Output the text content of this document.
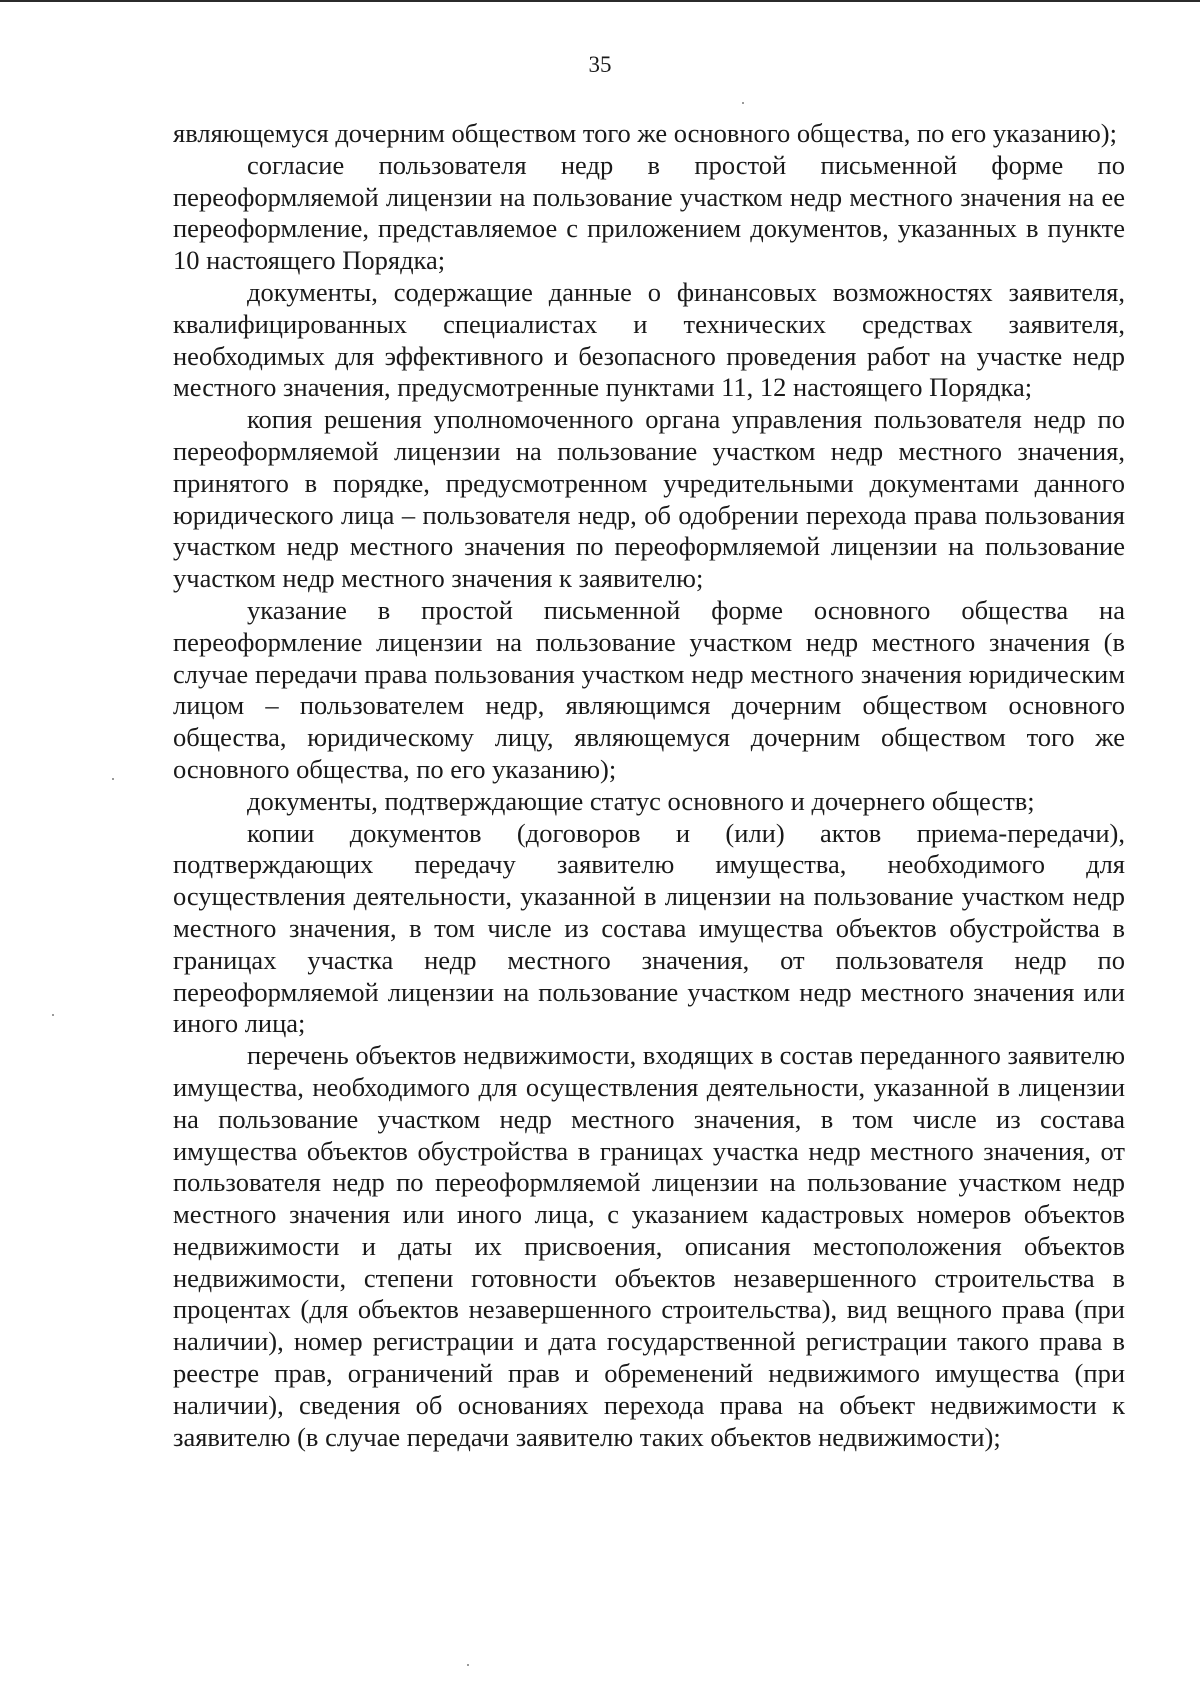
35

являющемуся дочерним обществом того же основного общества, по его указанию);

согласие пользователя недр в простой письменной форме по переоформляемой лицензии на пользование участком недр местного значения на ее переоформление, представляемое с приложением документов, указанных в пункте 10 настоящего Порядка;

документы, содержащие данные о финансовых возможностях заявителя, квалифицированных специалистах и технических средствах заявителя, необходимых для эффективного и безопасного проведения работ на участке недр местного значения, предусмотренные пунктами 11, 12 настоящего Порядка;

копия решения уполномоченного органа управления пользователя недр по переоформляемой лицензии на пользование участком недр местного значения, принятого в порядке, предусмотренном учредительными документами данного юридического лица – пользователя недр, об одобрении перехода права пользования участком недр местного значения по переоформляемой лицензии на пользование участком недр местного значения к заявителю;

указание в простой письменной форме основного общества на переоформление лицензии на пользование участком недр местного значения (в случае передачи права пользования участком недр местного значения юридическим лицом – пользователем недр, являющимся дочерним обществом основного общества, юридическому лицу, являющемуся дочерним обществом того же основного общества, по его указанию);

документы, подтверждающие статус основного и дочернего обществ;

копии документов (договоров и (или) актов приема-передачи), подтверждающих передачу заявителю имущества, необходимого для осуществления деятельности, указанной в лицензии на пользование участком недр местного значения, в том числе из состава имущества объектов обустройства в границах участка недр местного значения, от пользователя недр по переоформляемой лицензии на пользование участком недр местного значения или иного лица;

перечень объектов недвижимости, входящих в состав переданного заявителю имущества, необходимого для осуществления деятельности, указанной в лицензии на пользование участком недр местного значения, в том числе из состава имущества объектов обустройства в границах участка недр местного значения, от пользователя недр по переоформляемой лицензии на пользование участком недр местного значения или иного лица, с указанием кадастровых номеров объектов недвижимости и даты их присвоения, описания местоположения объектов недвижимости, степени готовности объектов незавершенного строительства в процентах (для объектов незавершенного строительства), вид вещного права (при наличии), номер регистрации и дата государственной регистрации такого права в реестре прав, ограничений прав и обременений недвижимого имущества (при наличии), сведения об основаниях перехода права на объект недвижимости к заявителю (в случае передачи заявителю таких объектов недвижимости);
